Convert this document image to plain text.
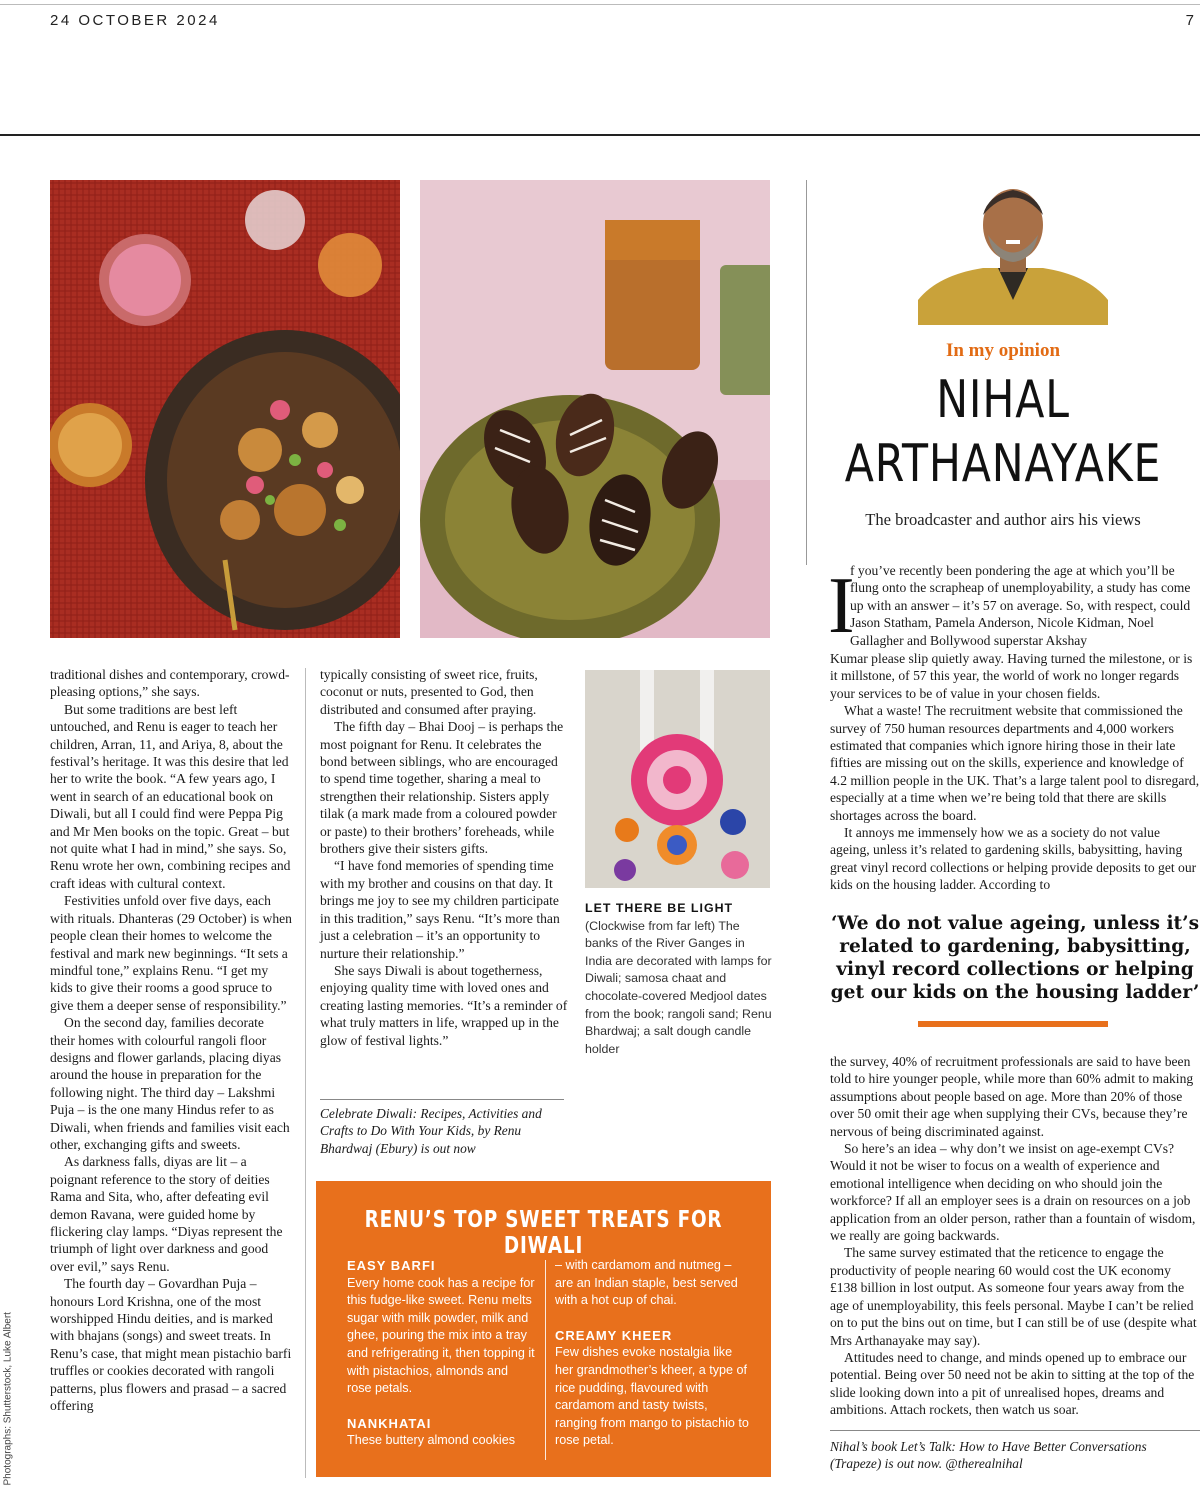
24 OCTOBER 2024	7

traditional dishes and contemporary, crowd-pleasing options,” she says.

But some traditions are best left untouched, and Renu is eager to teach her children, Arran, 11, and Ariya, 8, about the festival’s heritage. It was this desire that led her to write the book. “A few years ago, I went in search of an educational book on Diwali, but all I could find were Peppa Pig and Mr Men books on the topic. Great – but not quite what I had in mind,” she says. So, Renu wrote her own, combining recipes and craft ideas with cultural context.

Festivities unfold over five days, each with rituals. Dhanteras (29 October) is when people clean their homes to welcome the festival and mark new beginnings. “It sets a mindful tone,” explains Renu. “I get my kids to give their rooms a good spruce to give them a deeper sense of responsibility.”

On the second day, families decorate their homes with colourful rangoli floor designs and flower garlands, placing diyas around the house in preparation for the following night. The third day – Lakshmi Puja – is the one many Hindus refer to as Diwali, when friends and families visit each other, exchanging gifts and sweets.

As darkness falls, diyas are lit – a poignant reference to the story of deities Rama and Sita, who, after defeating evil demon Ravana, were guided home by flickering clay lamps. “Diyas represent the triumph of light over darkness and good over evil,” says Renu.

The fourth day – Govardhan Puja – honours Lord Krishna, one of the most worshipped Hindu deities, and is marked with bhajans (songs) and sweet treats. In Renu’s case, that might mean pistachio barfi truffles or cookies decorated with rangoli patterns, plus flowers and prasad – a sacred offering

Photographs: Shutterstock, Luke Albert

typically consisting of sweet rice, fruits, coconut or nuts, presented to God, then distributed and consumed after praying.

The fifth day – Bhai Dooj – is perhaps the most poignant for Renu. It celebrates the bond between siblings, who are encouraged to spend time together, sharing a meal to strengthen their relationship. Sisters apply tilak (a mark made from a coloured powder or paste) to their brothers’ foreheads, while brothers give their sisters gifts.

“I have fond memories of spending time with my brother and cousins on that day. It brings me joy to see my children participate in this tradition,” says Renu. “It’s more than just a celebration – it’s an opportunity to nurture their relationship.”

She says Diwali is about togetherness, enjoying quality time with loved ones and creating lasting memories. “It’s a reminder of what truly matters in life, wrapped up in the glow of festival lights.”

Celebrate Diwali: Recipes, Activities and Crafts to Do With Your Kids, by Renu Bhardwaj (Ebury) is out now
LET THERE BE LIGHT
(Clockwise from far left) The banks of the River Ganges in India are decorated with lamps for Diwali; samosa chaat and chocolate-covered Medjool dates from the book; rangoli sand; Renu Bhardwaj; a salt dough candle holder
RENU’S TOP SWEET TREATS FOR DIWALI
EASY BARFI
Every home cook has a recipe for this fudge-like sweet. Renu melts sugar with milk powder, milk and ghee, pouring the mix into a tray and refrigerating it, then topping it with pistachios, almonds and rose petals.
NANKHATAI
These buttery almond cookies
– with cardamom and nutmeg – are an Indian staple, best served with a hot cup of chai.
CREAMY KHEER
Few dishes evoke nostalgia like her grandmother’s kheer, a type of rice pudding, flavoured with cardamom and tasty twists, ranging from mango to pistachio to rose petal.
In my opinion
NIHAL
ARTHANAYAKE
The broadcaster and author airs his views
I

f you’ve recently been pondering the age at which you’ll be flung onto the scrapheap of unemployability, a study has come up with an answer – it’s 57 on average. So, with respect, could Jason Statham, Pamela Anderson, Nicole Kidman, Noel Gallagher and Bollywood superstar Akshay

Kumar please slip quietly away. Having turned the milestone, or is it millstone, of 57 this year, the world of work no longer regards your services to be of value in your chosen fields.

What a waste! The recruitment website that commissioned the survey of 750 human resources departments and 4,000 workers estimated that companies which ignore hiring those in their late fifties are missing out on the skills, experience and knowledge of 4.2 million people in the UK. That’s a large talent pool to disregard, especially at a time when we’re being told that there are skills shortages across the board.

It annoys me immensely how we as a society do not value ageing, unless it’s related to gardening skills, babysitting, having great vinyl record collections or helping provide deposits to get our kids on the housing ladder. According to

‘We do not value ageing, unless it’s related to gardening, babysitting, vinyl record collections or helping get our kids on the housing ladder’

the survey, 40% of recruitment professionals are said to have been told to hire younger people, while more than 60% admit to making assumptions about people based on age. More than 20% of those over 50 omit their age when supplying their CVs, because they’re nervous of being discriminated against.

So here’s an idea – why don’t we insist on age-exempt CVs? Would it not be wiser to focus on a wealth of experience and emotional intelligence when deciding on who should join the workforce? If all an employer sees is a drain on resources on a job application from an older person, rather than a fountain of wisdom, we really are going backwards.

The same survey estimated that the reticence to engage the productivity of people nearing 60 would cost the UK economy £138 billion in lost output. As someone four years away from the age of unemployability, this feels personal. Maybe I can’t be relied on to put the bins out on time, but I can still be of use (despite what Mrs Arthanayake may say).

Attitudes need to change, and minds opened up to embrace our potential. Being over 50 need not be akin to sitting at the top of the slide looking down into a pit of unrealised hopes, dreams and ambitions. Attach rockets, then watch us soar.

Nihal’s book Let’s Talk: How to Have Better Conversations (Trapeze) is out now. @therealnihal
